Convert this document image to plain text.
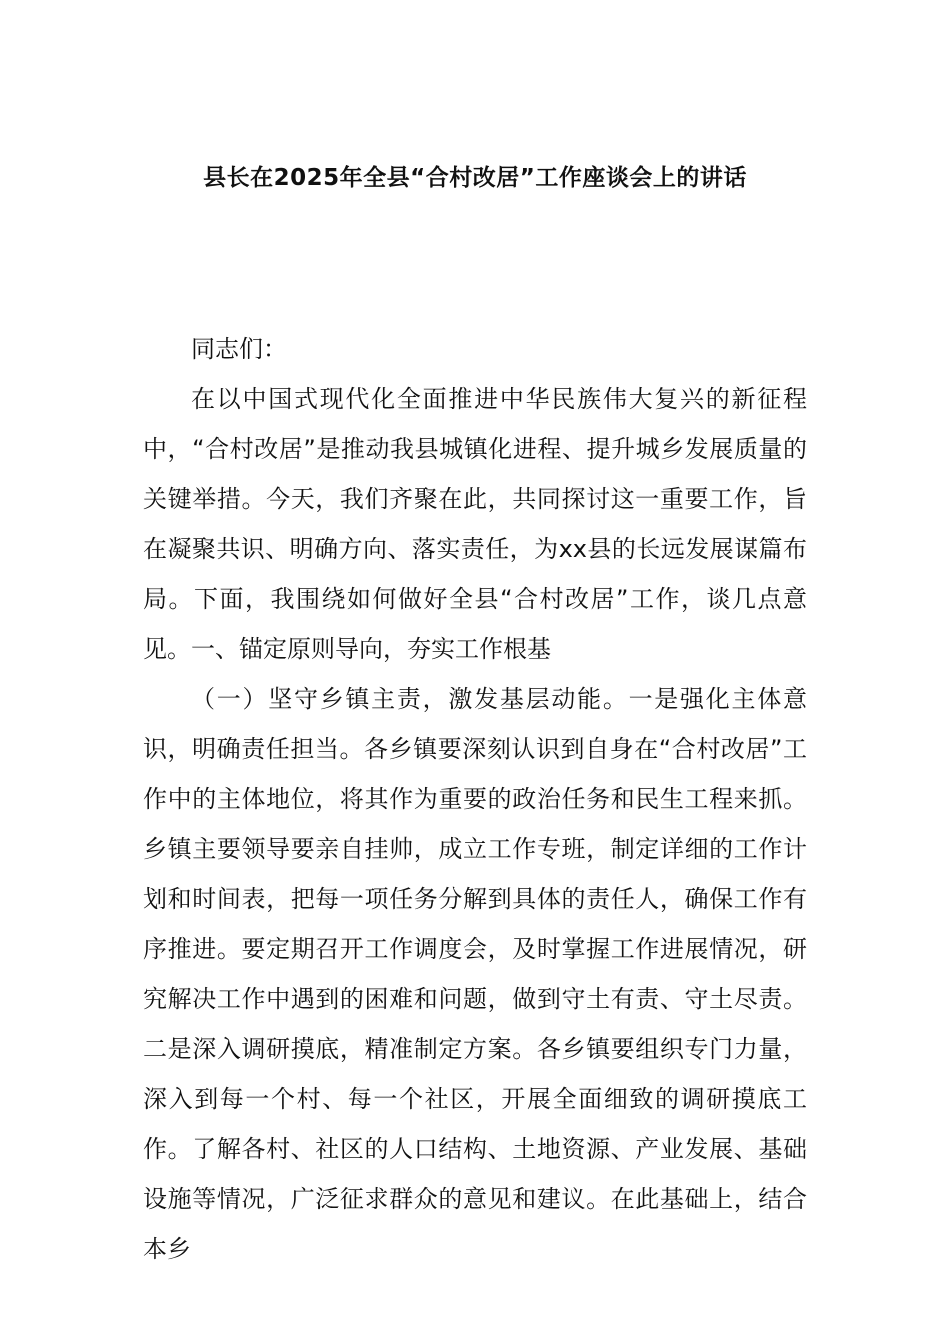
县长在2025年全县“合村改居”工作座谈会上的讲话
同志们：
在以中国式现代化全面推进中华民族伟大复兴的新征程中，“合村改居”是推动我县城镇化进程、提升城乡发展质量的关键举措。今天，我们齐聚在此，共同探讨这一重要工作，旨在凝聚共识、明确方向、落实责任，为xx县的长远发展谋篇布局。下面，我围绕如何做好全县“合村改居”工作，谈几点意见。 一、锚定原则导向，夯实工作根基
（一）坚守乡镇主责，激发基层动能。一是强化主体意识，明确责任担当。各乡镇要深刻认识到自身在“合村改居”工作中的主体地位，将其作为重要的政治任务和民生工程来抓。乡镇主要领导要亲自挂帅，成立工作专班，制定详细的工作计划和时间表，把每一项任务分解到具体的责任人，确保工作有序推进。要定期召开工作调度会，及时掌握工作进展情况，研究解决工作中遇到的困难和问题，做到守土有责、守土尽责。二是深入调研摸底，精准制定方案。各乡镇要组织专门力量，深入到每一个村、每一个社区，开展全面细致的调研摸底工作。了解各村、社区的人口结构、土地资源、产业发展、基础设施等情况，广泛征求群众的意见和建议。在此基础上，结合本乡
